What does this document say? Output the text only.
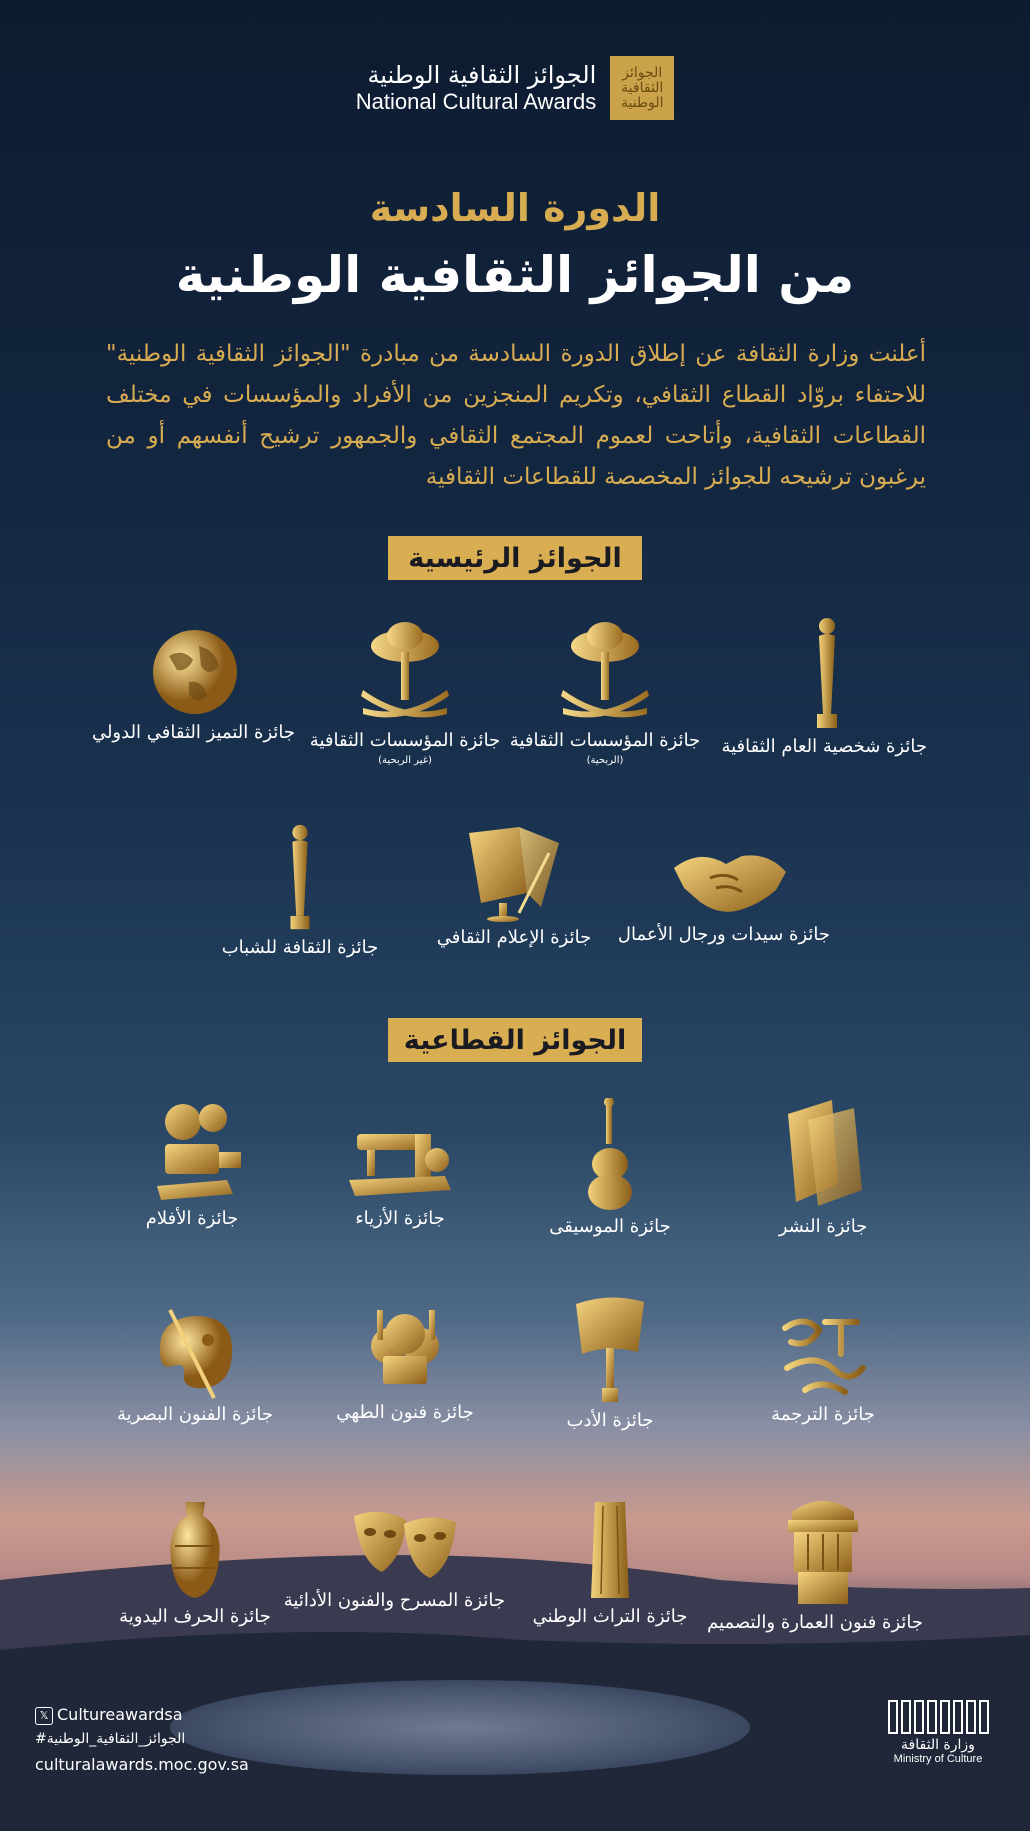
الجوائز الثقافية الوطنية
National Cultural Awards
الجوائز الثقافية الوطنية
الدورة السادسة
من الجوائز الثقافية الوطنية
أعلنت وزارة الثقافة عن إطلاق الدورة السادسة من مبادرة "الجوائز الثقافية الوطنية" للاحتفاء بروّاد القطاع الثقافي، وتكريم المنجزين من الأفراد والمؤسسات في مختلف القطاعات الثقافية، وأتاحت لعموم المجتمع الثقافي والجمهور ترشيح أنفسهم أو من يرغبون ترشيحه للجوائز المخصصة للقطاعات الثقافية
الجوائز الرئيسية
جائزة شخصية العام الثقافية
جائزة المؤسسات الثقافية
(الربحية)
جائزة المؤسسات الثقافية
(غير الربحية)
جائزة التميز الثقافي الدولي
جائزة سيدات ورجال الأعمال
جائزة الإعلام الثقافي
جائزة الثقافة للشباب
الجوائز القطاعية
جائزة النشر
جائزة الموسيقى
جائزة الأزياء
جائزة الأفلام
جائزة الترجمة
جائزة الأدب
جائزة فنون الطهي
جائزة الفنون البصرية
جائزة فنون العمارة والتصميم
جائزة التراث الوطني
جائزة المسرح والفنون الأدائية
جائزة الحرف اليدوية
𝕏 Cultureawardsa
#الجوائز_الثقافية_الوطنية
culturalawards.moc.gov.sa
وزارة الثقافة
Ministry of Culture
